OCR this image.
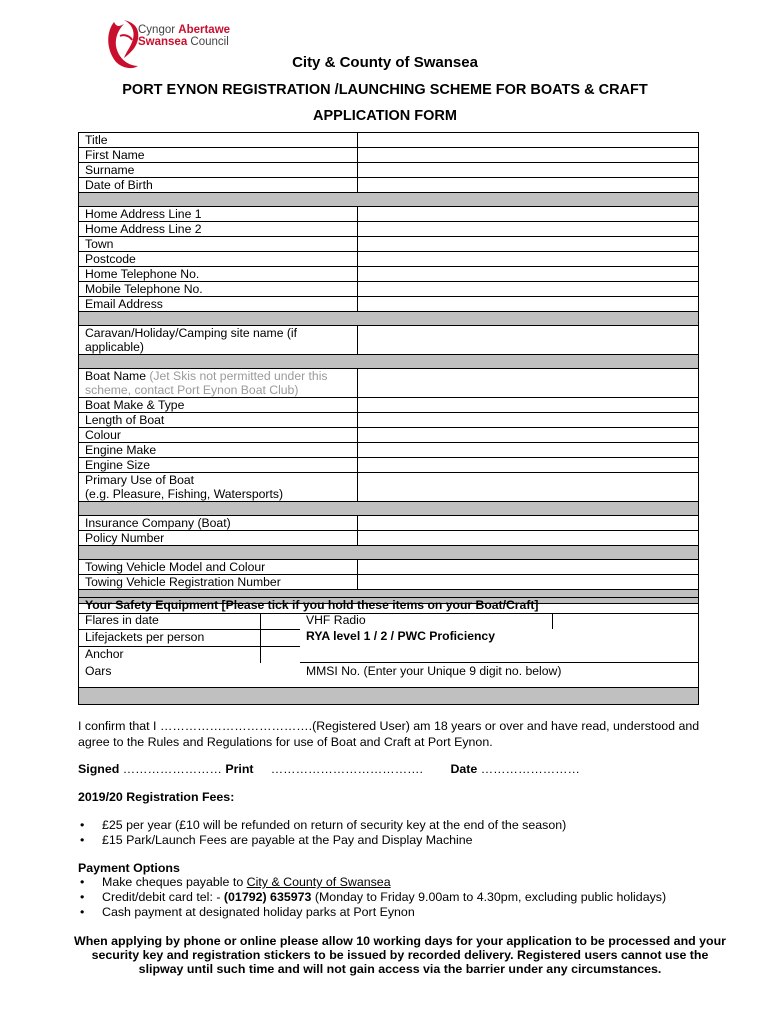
Cyngor Abertawe
Swansea Council
City & County of Swansea
PORT EYNON REGISTRATION /LAUNCHING SCHEME FOR BOATS & CRAFT
APPLICATION FORM
Title	
First Name	
Surname	
Date of Birth	

Home Address Line 1	
Home Address Line 2	
Town	
Postcode	
Home Telephone No.	
Mobile Telephone No.	
Email Address	

Caravan/Holiday/Camping site name (if applicable)	

Boat Name (Jet Skis not permitted under this scheme, contact Port Eynon Boat Club)	
Boat Make & Type	
Length of Boat	
Colour	
Engine Make	
Engine Size	
Primary Use of Boat
(e.g. Pleasure, Fishing, Watersports)	

Insurance Company (Boat)	
Policy Number	

Towing Vehicle Model and Colour	
Towing Vehicle Registration Number	

Your Safety Equipment [Please tick if you hold these items on your Boat/Craft]
Flares in date	VHF Radio
Lifejackets per person	RYA level 1 / 2 / PWC Proficiency
Anchor
Oars	MMSI No. (Enter your Unique 9 digit no. below)
I confirm that I ……………………………….(Registered User) am 18 years or over and have read, understood and agree to the Rules and Regulations for use of Boat and Craft at Port Eynon.
Signed …………………… Print ………………………………. Date ……………………
2019/20 Registration Fees:
• £25 per year (£10 will be refunded on return of security key at the end of the season)
• £15 Park/Launch Fees are payable at the Pay and Display Machine
Payment Options
• Make cheques payable to City & County of Swansea
• Credit/debit card tel: - (01792) 635973 (Monday to Friday 9.00am to 4.30pm, excluding public holidays)
• Cash payment at designated holiday parks at Port Eynon
When applying by phone or online please allow 10 working days for your application to be processed and your security key and registration stickers to be issued by recorded delivery. Registered users cannot use the slipway until such time and will not gain access via the barrier under any circumstances.
